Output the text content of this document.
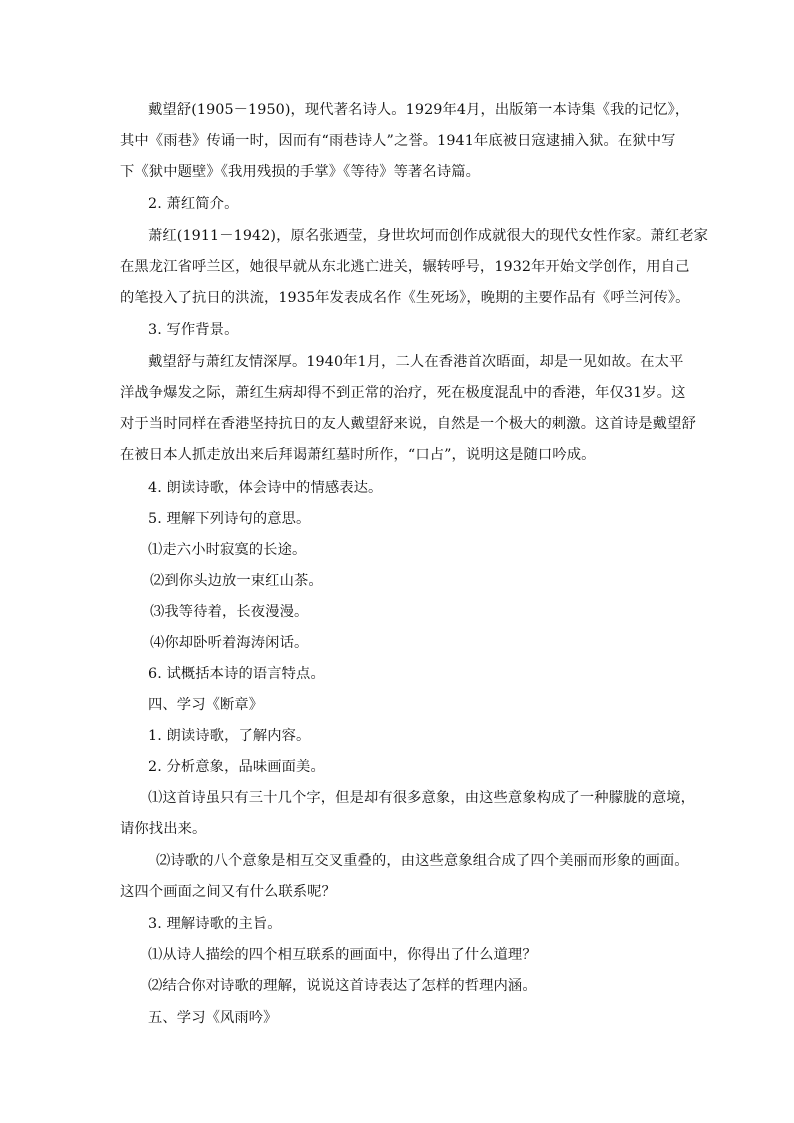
戴望舒(1905－1950)，现代著名诗人。1929年4月，出版第一本诗集《我的记忆》，
其中《雨巷》传诵一时，因而有“雨巷诗人”之誉。1941年底被日寇逮捕入狱。在狱中写
下《狱中题壁》《我用残损的手掌》《等待》等著名诗篇。
2. 萧红简介。
萧红(1911－1942)，原名张迺莹，身世坎坷而创作成就很大的现代女性作家。萧红老家
在黑龙江省呼兰区，她很早就从东北逃亡进关，辗转呼号，1932年开始文学创作，用自己
的笔投入了抗日的洪流，1935年发表成名作《生死场》，晚期的主要作品有《呼兰河传》。
3. 写作背景。
戴望舒与萧红友情深厚。1940年1月，二人在香港首次晤面，却是一见如故。在太平
洋战争爆发之际，萧红生病却得不到正常的治疗，死在极度混乱中的香港，年仅31岁。这
对于当时同样在香港坚持抗日的友人戴望舒来说，自然是一个极大的刺激。这首诗是戴望舒
在被日本人抓走放出来后拜谒萧红墓时所作，“口占”，说明这是随口吟成。
4. 朗读诗歌，体会诗中的情感表达。
5. 理解下列诗句的意思。
⑴走六小时寂寞的长途。
⑵到你头边放一束红山茶。
⑶我等待着，长夜漫漫。
⑷你却卧听着海涛闲话。
6. 试概括本诗的语言特点。
四、学习《断章》
1. 朗读诗歌，了解内容。
2. 分析意象，品味画面美。
⑴这首诗虽只有三十几个字，但是却有很多意象，由这些意象构成了一种朦胧的意境，
请你找出来。
⑵诗歌的八个意象是相互交叉重叠的，由这些意象组合成了四个美丽而形象的画面。
这四个画面之间又有什么联系呢？
3. 理解诗歌的主旨。
⑴从诗人描绘的四个相互联系的画面中，你得出了什么道理？
⑵结合你对诗歌的理解，说说这首诗表达了怎样的哲理内涵。
五、学习《风雨吟》
